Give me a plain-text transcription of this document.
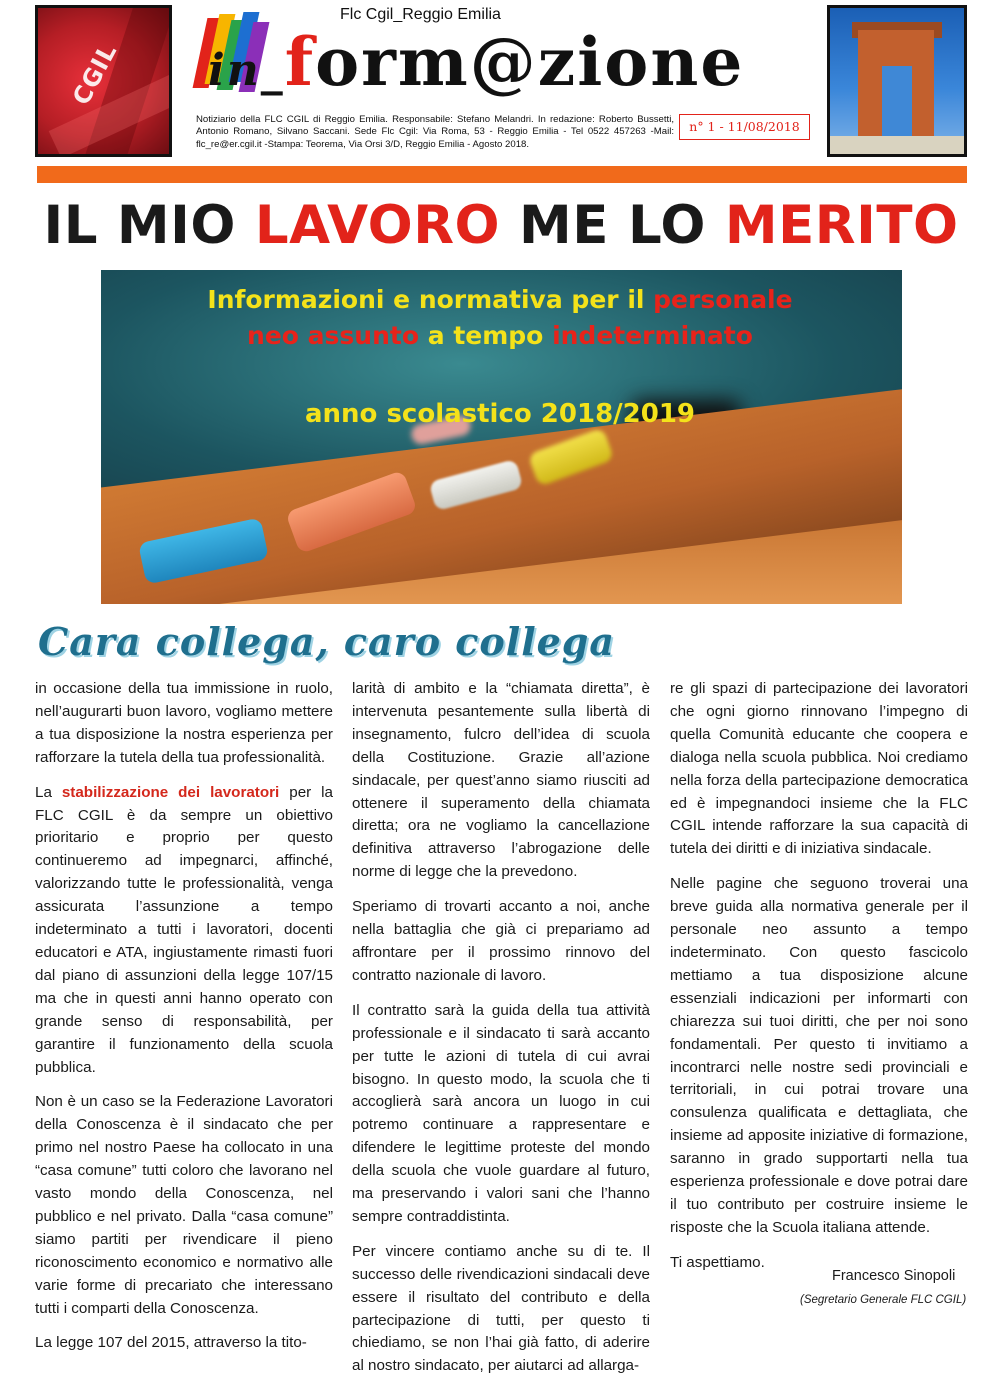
CGIL
Flc Cgil_Reggio Emilia
in_form@zione
Notiziario della FLC CGIL di Reggio Emilia. Responsabile: Stefano Melandri. In redazione: Roberto Bussetti, Antonio Romano, Silvano Saccani. Sede Flc Cgil: Via Roma, 53 - Reggio Emilia - Tel 0522 457263 -Mail: flc_re@er.cgil.it -Stampa: Teorema, Via Orsi 3/D, Reggio Emilia - Agosto 2018.
n° 1 - 11/08/2018
IL MIO LAVORO ME LO MERITO
Informazioni e normativa per il personale
neo assunto a tempo indeterminato
anno scolastico 2018/2019
Cara collega, caro collega

in occasione della tua immissione in ruolo, nell’augurarti buon lavoro, vogliamo mettere a tua disposizione la nostra esperienza per rafforzare la tutela della tua professionalità.

La stabilizzazione dei lavoratori per la FLC CGIL è da sempre un obiettivo prioritario e proprio per questo continueremo ad impegnarci, affinché, valorizzando tutte le professionalità, venga assicurata l’assunzione a tempo indeterminato a tutti i lavoratori, docenti educatori e ATA, ingiustamente rimasti fuori dal piano di assunzioni della legge 107/15 ma che in questi anni hanno operato con grande senso di responsabilità, per garantire il funzionamento della scuola pubblica.

Non è un caso se la Federazione Lavoratori della Conoscenza è il sindacato che per primo nel nostro Paese ha collocato in una “casa comune” tutti coloro che lavorano nel vasto mondo della Conoscenza, nel pubblico e nel privato. Dalla “casa comune” siamo partiti per rivendicare il pieno riconoscimento economico e normativo alle varie forme di precariato che interessano tutti i comparti della Conoscenza.

La legge 107 del 2015, attraverso la tito-

larità di ambito e la “chiamata diretta”, è intervenuta pesantemente sulla libertà di insegnamento, fulcro dell’idea di scuola della Costituzione. Grazie all’azione sindacale, per quest’anno siamo riusciti ad ottenere il superamento della chiamata diretta; ora ne vogliamo la cancellazione definitiva attraverso l’abrogazione delle norme di legge che la prevedono.

Speriamo di trovarti accanto a noi, anche nella battaglia che già ci prepariamo ad affrontare per il prossimo rinnovo del contratto nazionale di lavoro.

Il contratto sarà la guida della tua attività professionale e il sindacato ti sarà accanto per tutte le azioni di tutela di cui avrai bisogno. In questo modo, la scuola che ti accoglierà sarà ancora un luogo in cui potremo continuare a rappresentare e difendere le legittime proteste del mondo della scuola che vuole guardare al futuro, ma preservando i valori sani che l’hanno sempre contraddistinta.

Per vincere contiamo anche su di te. Il successo delle rivendicazioni sindacali deve essere il risultato del contributo e della partecipazione di tutti, per questo ti chiediamo, se non l’hai già fatto, di aderire al nostro sindacato, per aiutarci ad allarga-

re gli spazi di partecipazione dei lavoratori che ogni giorno rinnovano l’impegno di quella Comunità educante che coopera e dialoga nella scuola pubblica. Noi crediamo nella forza della partecipazione democratica ed è impegnandoci insieme che la FLC CGIL intende rafforzare la sua capacità di tutela dei diritti e di iniziativa sindacale.

Nelle pagine che seguono troverai una breve guida alla normativa generale per il personale neo assunto a tempo indeterminato. Con questo fascicolo mettiamo a tua disposizione alcune essenziali indicazioni per informarti con chiarezza sui tuoi diritti, che per noi sono fondamentali. Per questo ti invitiamo a incontrarci nelle nostre sedi provinciali e territoriali, in cui potrai trovare una consulenza qualificata e dettagliata, che insieme ad apposite iniziative di formazione, saranno in grado supportarti nella tua esperienza professionale e dove potrai dare il tuo contributo per costruire insieme le risposte che la Scuola italiana attende.

Ti aspettiamo.

Francesco Sinopoli
(Segretario Generale FLC CGIL)
